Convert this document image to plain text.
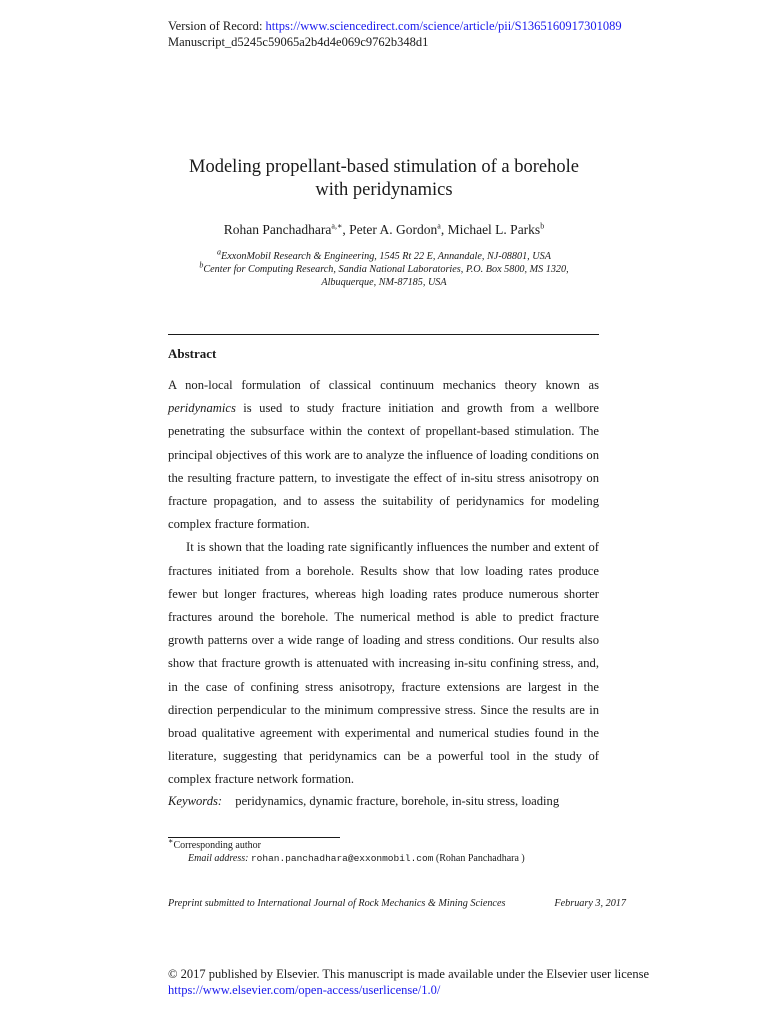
Version of Record: https://www.sciencedirect.com/science/article/pii/S1365160917301089
Manuscript_d5245c59065a2b4d4e069c9762b348d1
Modeling propellant-based stimulation of a borehole
with peridynamics
Rohan Panchadhara$^{a,∗}$, Peter A. Gordon$^a$, Michael L. Parks$^b$
$^a$ExxonMobil Research & Engineering, 1545 Rt 22 E, Annandale, NJ-08801, USA
$^b$Center for Computing Research, Sandia National Laboratories, P.O. Box 5800, MS 1320,
Albuquerque, NM-87185, USA
Abstract

A non-local formulation of classical continuum mechanics theory known as peridynamics is used to study fracture initiation and growth from a wellbore penetrating the subsurface within the context of propellant-based stimulation. The principal objectives of this work are to analyze the influence of loading conditions on the resulting fracture pattern, to investigate the effect of in-situ stress anisotropy on fracture propagation, and to assess the suitability of peridynamics for modeling complex fracture formation.

It is shown that the loading rate significantly influences the number and extent of fractures initiated from a borehole. Results show that low loading rates produce fewer but longer fractures, whereas high loading rates produce numerous shorter fractures around the borehole. The numerical method is able to predict fracture growth patterns over a wide range of loading and stress conditions. Our results also show that fracture growth is attenuated with increasing in-situ confining stress, and, in the case of confining stress anisotropy, fracture extensions are largest in the direction perpendicular to the minimum compressive stress. Since the results are in broad qualitative agreement with experimental and numerical studies found in the literature, suggesting that peridynamics can be a powerful tool in the study of complex fracture network formation.

Keywords: peridynamics, dynamic fracture, borehole, in-situ stress, loading
∗Corresponding author
Email address: rohan.panchadhara@exxonmobil.com (Rohan Panchadhara )
Preprint submitted to International Journal of Rock Mechanics & Mining Sciences	February 3, 2017
© 2017 published by Elsevier. This manuscript is made available under the Elsevier user license
https://www.elsevier.com/open-access/userlicense/1.0/
